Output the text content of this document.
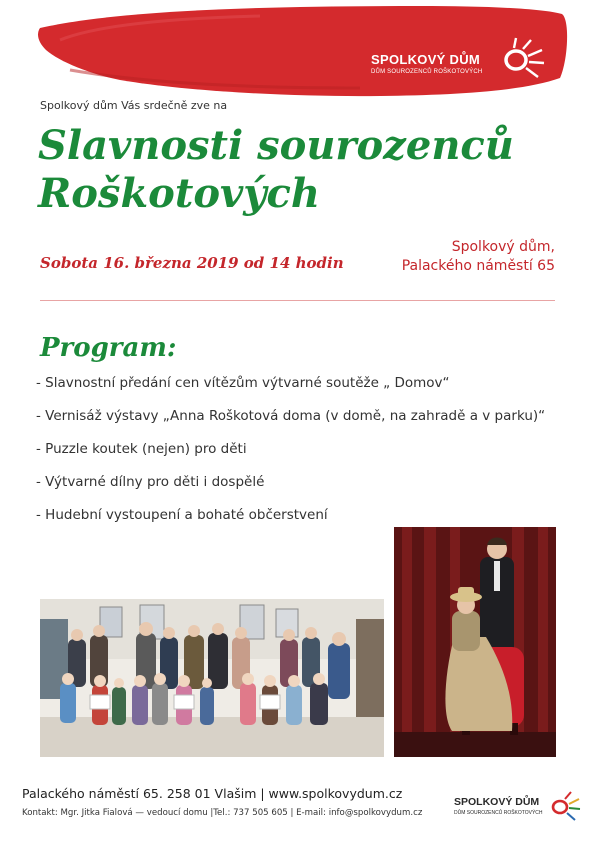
SPOLKOVÝ DŮM
DŮM SOUROZENCŮ ROŠKOTOVÝCH
Spolkový dům Vás srdečně zve na
Slavnosti sourozenců
Roškotových
Sobota 16. března 2019 od 14 hodin
Spolkový dům,
Palackého náměstí 65
Program:
- Slavnostní předání cen vítězům výtvarné soutěže „ Domov“
- Vernisáž výstavy „Anna Roškotová doma (v domě, na zahradě a v parku)“
- Puzzle koutek (nejen) pro děti
- Výtvarné dílny pro děti i dospělé
- Hudební vystoupení a bohaté občerstvení
Palackého náměstí 65. 258 01 Vlašim | www.spolkovydum.cz
Kontakt: Mgr. Jitka Fialová — vedoucí domu |Tel.: 737 505 605 | E-mail: info@spolkovydum.cz
SPOLKOVÝ DŮM
DŮM SOUROZENCŮ ROŠKOTOVÝCH
